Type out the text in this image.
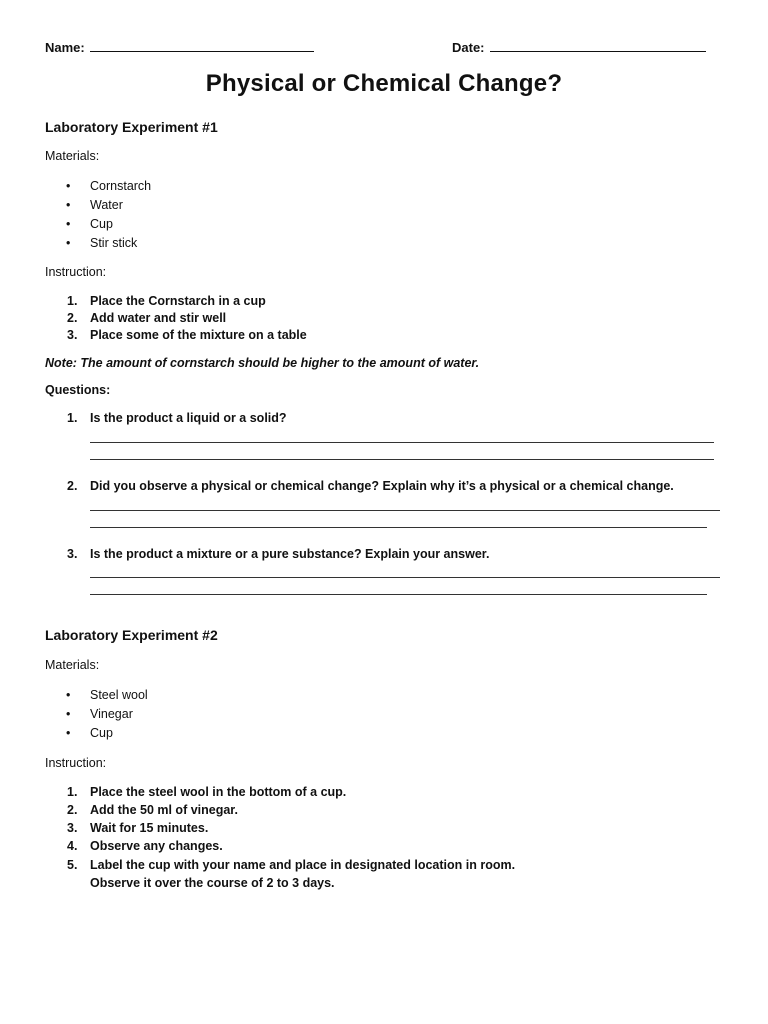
Name:	Date:
Physical or Chemical Change?
Laboratory Experiment #1
Materials:
• Cornstarch
• Water
• Cup
• Stir stick
Instruction:
1. Place the Cornstarch in a cup
2. Add water and stir well
3. Place some of the mixture on a table
Note: The amount of cornstarch should be higher to the amount of water.
Questions:
1. Is the product a liquid or a solid?
2. Did you observe a physical or chemical change? Explain why it’s a physical or a chemical change.
3. Is the product a mixture or a pure substance? Explain your answer.
Laboratory Experiment #2
Materials:
• Steel wool
• Vinegar
• Cup
Instruction:
1. Place the steel wool in the bottom of a cup.
2. Add the 50 ml of vinegar.
3. Wait for 15 minutes.
4. Observe any changes.
5. Label the cup with your name and place in designated location in room.
Observe it over the course of 2 to 3 days.
